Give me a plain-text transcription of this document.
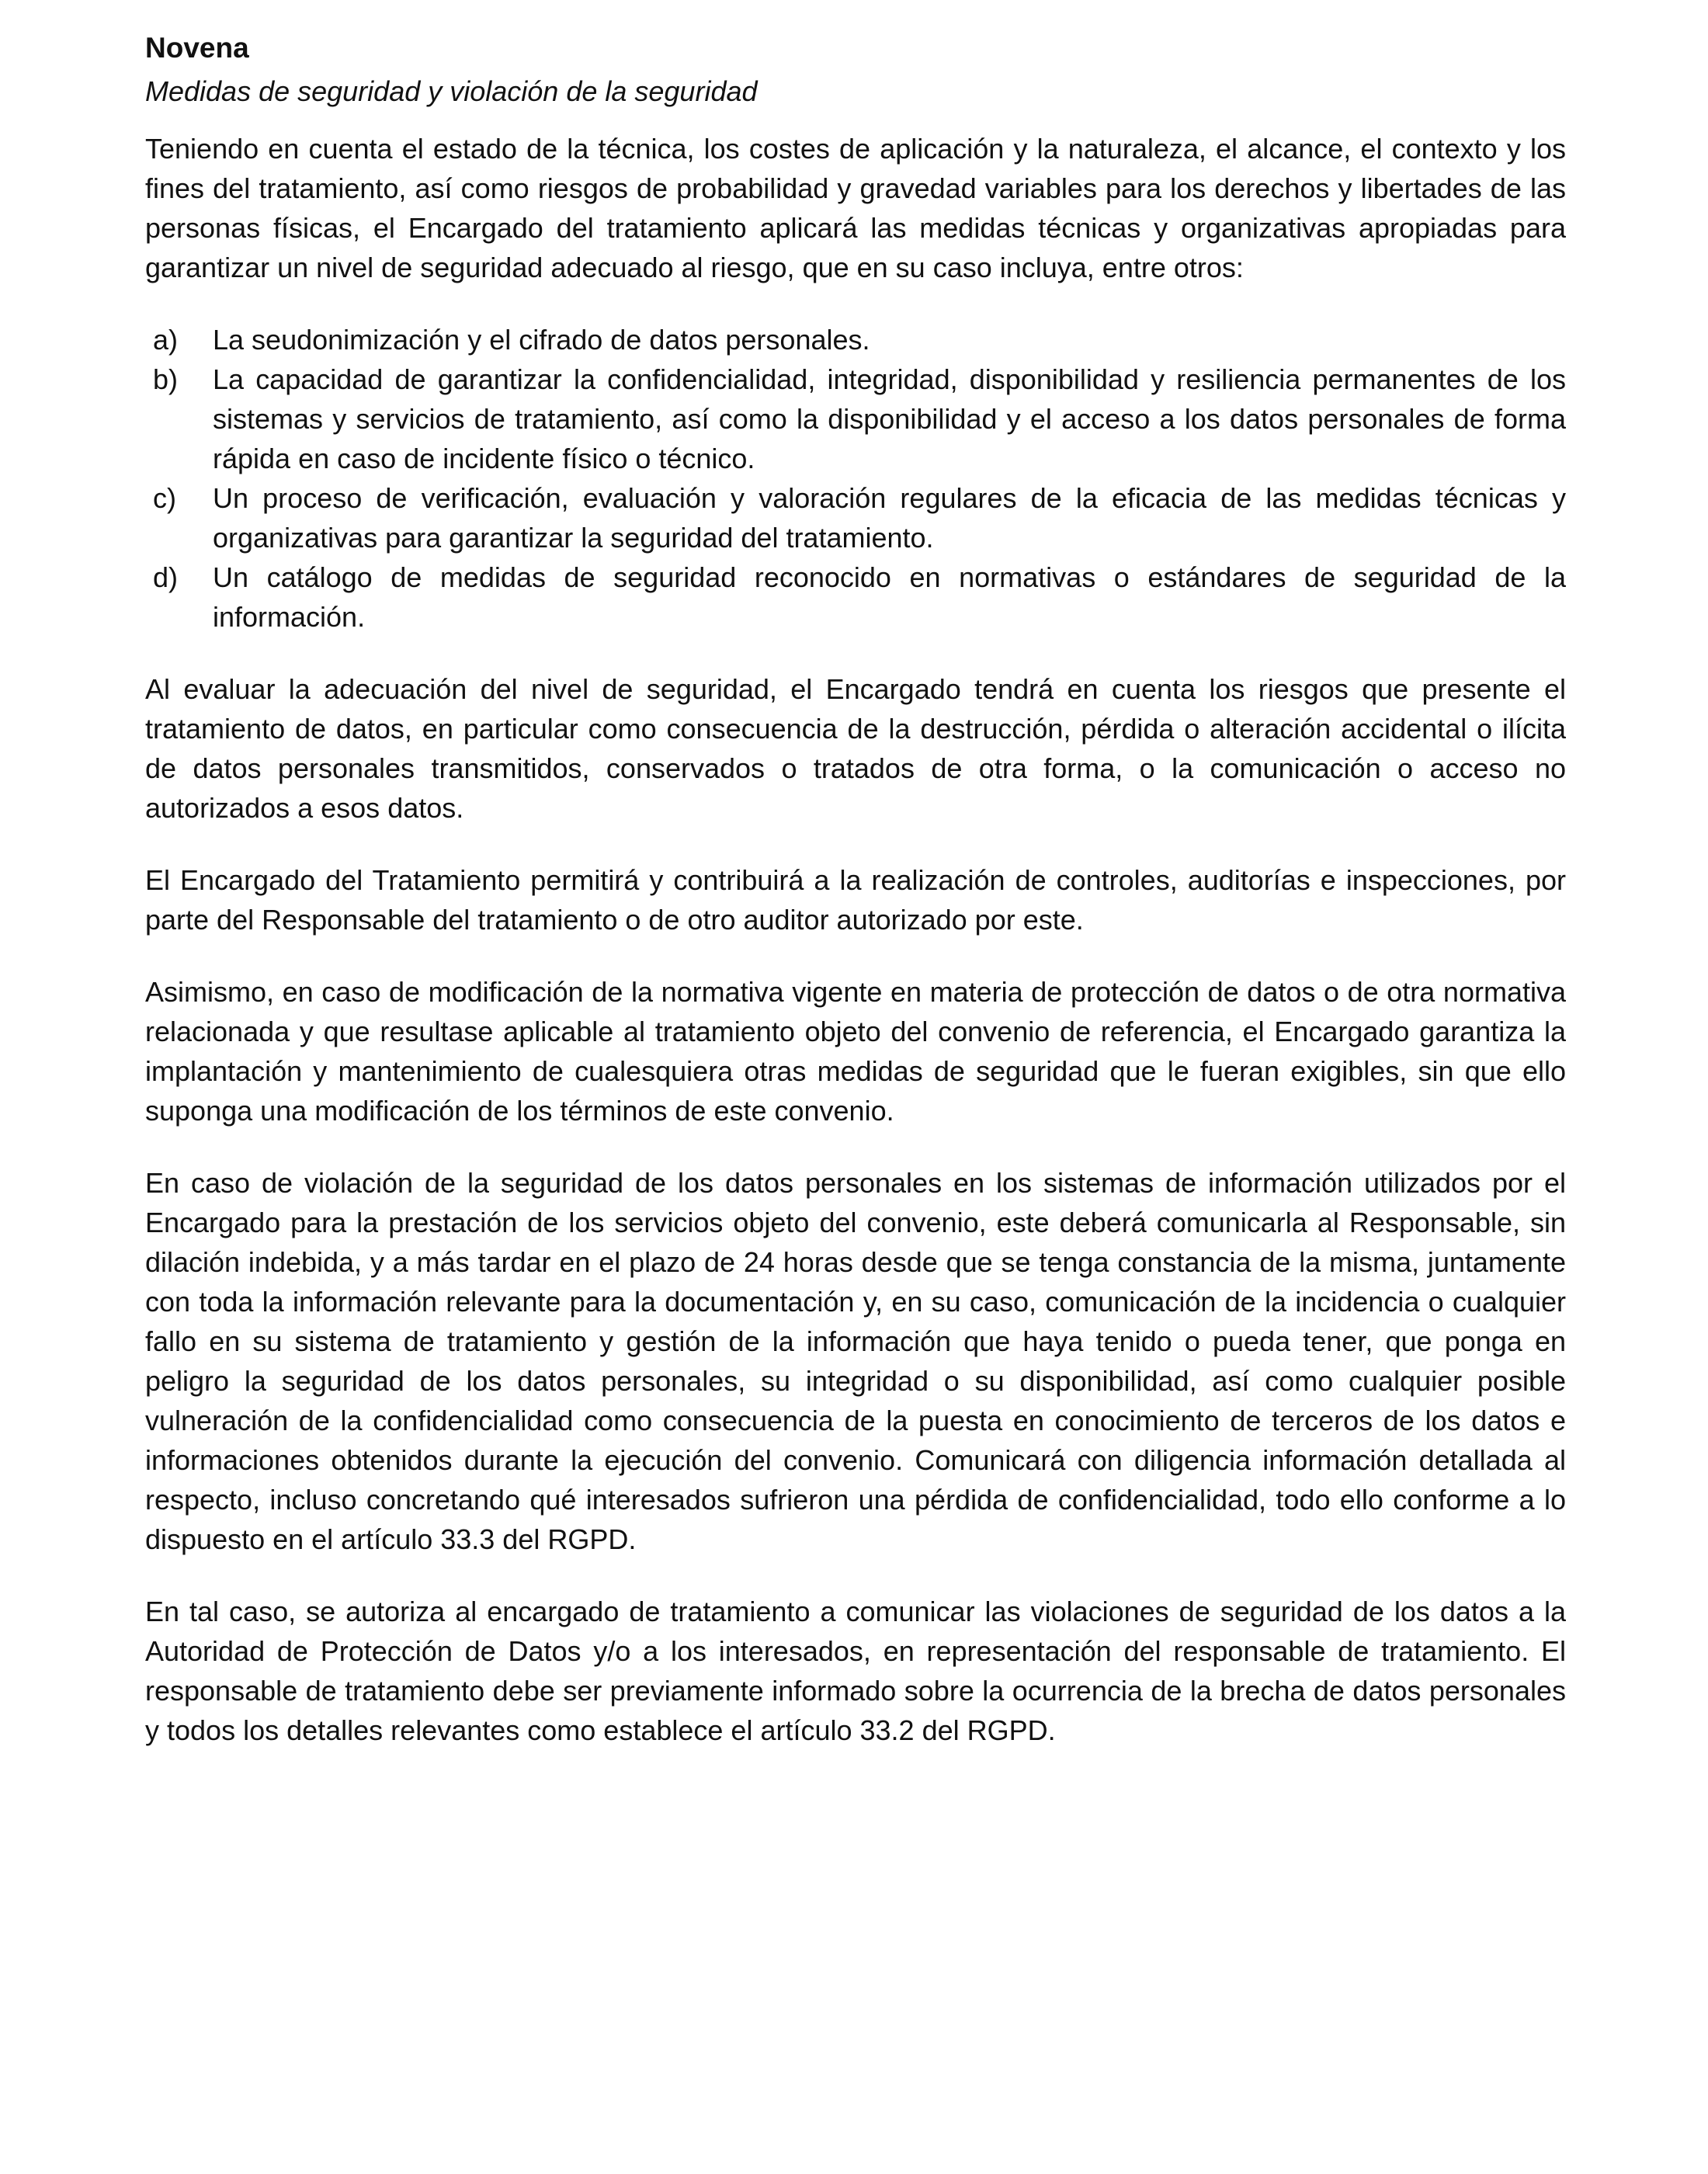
Novena

Medidas de seguridad y violación de la seguridad

Teniendo en cuenta el estado de la técnica, los costes de aplicación y la naturaleza, el alcance, el contexto y los fines del tratamiento, así como riesgos de probabilidad y gravedad variables para los derechos y libertades de las personas físicas, el Encargado del tratamiento aplicará las medidas técnicas y organizativas apropiadas para garantizar un nivel de seguridad adecuado al riesgo, que en su caso incluya, entre otros:

a)	La seudonimización y el cifrado de datos personales.
b)	La capacidad de garantizar la confidencialidad, integridad, disponibilidad y resiliencia permanentes de los sistemas y servicios de tratamiento, así como la disponibilidad y el acceso a los datos personales de forma rápida en caso de incidente físico o técnico.
c)	Un proceso de verificación, evaluación y valoración regulares de la eficacia de las medidas técnicas y organizativas para garantizar la seguridad del tratamiento.
d)	Un catálogo de medidas de seguridad reconocido en normativas o estándares de seguridad de la información.

Al evaluar la adecuación del nivel de seguridad, el Encargado tendrá en cuenta los riesgos que presente el tratamiento de datos, en particular como consecuencia de la destrucción, pérdida o alteración accidental o ilícita de datos personales transmitidos, conservados o tratados de otra forma, o la comunicación o acceso no autorizados a esos datos.

El Encargado del Tratamiento permitirá y contribuirá a la realización de controles, auditorías e inspecciones, por parte del Responsable del tratamiento o de otro auditor autorizado por este.

Asimismo, en caso de modificación de la normativa vigente en materia de protección de datos o de otra normativa relacionada y que resultase aplicable al tratamiento objeto del convenio de referencia, el Encargado garantiza la implantación y mantenimiento de cualesquiera otras medidas de seguridad que le fueran exigibles, sin que ello suponga una modificación de los términos de este convenio.

En caso de violación de la seguridad de los datos personales en los sistemas de información utilizados por el Encargado para la prestación de los servicios objeto del convenio, este deberá comunicarla al Responsable, sin dilación indebida, y a más tardar en el plazo de 24 horas desde que se tenga constancia de la misma, juntamente con toda la información relevante para la documentación y, en su caso, comunicación de la incidencia o cualquier fallo en su sistema de tratamiento y gestión de la información que haya tenido o pueda tener, que ponga en peligro la seguridad de los datos personales, su integridad o su disponibilidad, así como cualquier posible vulneración de la confidencialidad como consecuencia de la puesta en conocimiento de terceros de los datos e informaciones obtenidos durante la ejecución del convenio. Comunicará con diligencia información detallada al respecto, incluso concretando qué interesados sufrieron una pérdida de confidencialidad, todo ello conforme a lo dispuesto en el artículo 33.3 del RGPD.

En tal caso, se autoriza al encargado de tratamiento a comunicar las violaciones de seguridad de los datos a la Autoridad de Protección de Datos y/o a los interesados, en representación del responsable de tratamiento. El responsable de tratamiento debe ser previamente informado sobre la ocurrencia de la brecha de datos personales y todos los detalles relevantes como establece el artículo 33.2 del RGPD.
